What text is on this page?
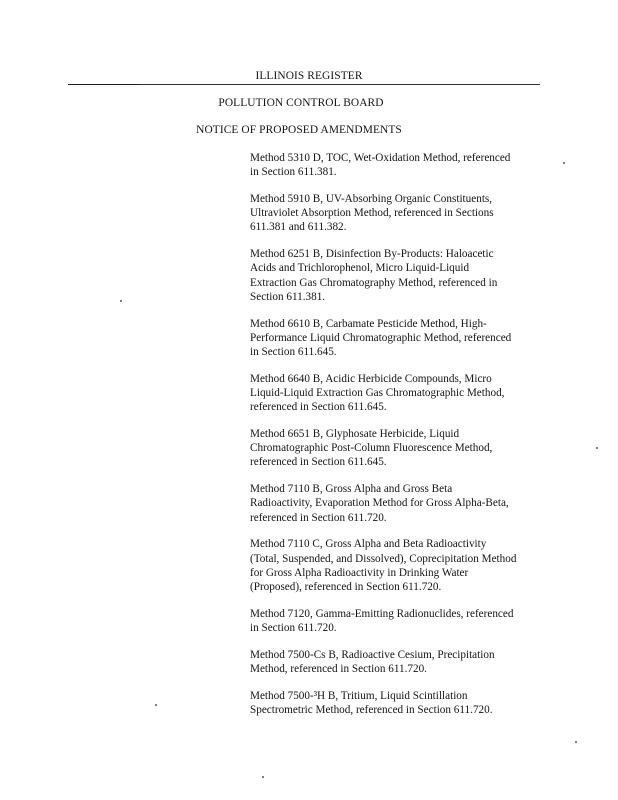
ILLINOIS REGISTER
POLLUTION CONTROL BOARD
NOTICE OF PROPOSED AMENDMENTS

Method 5310 D, TOC, Wet-Oxidation Method, referenced

in Section 611.381.

Method 5910 B, UV-Absorbing Organic Constituents,

Ultraviolet Absorption Method, referenced in Sections

611.381 and 611.382.

Method 6251 B, Disinfection By-Products: Haloacetic

Acids and Trichlorophenol, Micro Liquid-Liquid

Extraction Gas Chromatography Method, referenced in

Section 611.381.

Method 6610 B, Carbamate Pesticide Method, High-

Performance Liquid Chromatographic Method, referenced

in Section 611.645.

Method 6640 B, Acidic Herbicide Compounds, Micro

Liquid-Liquid Extraction Gas Chromatographic Method,

referenced in Section 611.645.

Method 6651 B, Glyphosate Herbicide, Liquid

Chromatographic Post-Column Fluorescence Method,

referenced in Section 611.645.

Method 7110 B, Gross Alpha and Gross Beta

Radioactivity, Evaporation Method for Gross Alpha-Beta,

referenced in Section 611.720.

Method 7110 C, Gross Alpha and Beta Radioactivity

(Total, Suspended, and Dissolved), Coprecipitation Method

for Gross Alpha Radioactivity in Drinking Water

(Proposed), referenced in Section 611.720.

Method 7120, Gamma-Emitting Radionuclides, referenced

in Section 611.720.

Method 7500-Cs B, Radioactive Cesium, Precipitation

Method, referenced in Section 611.720.

Method 7500-³H B, Tritium, Liquid Scintillation

Spectrometric Method, referenced in Section 611.720.
